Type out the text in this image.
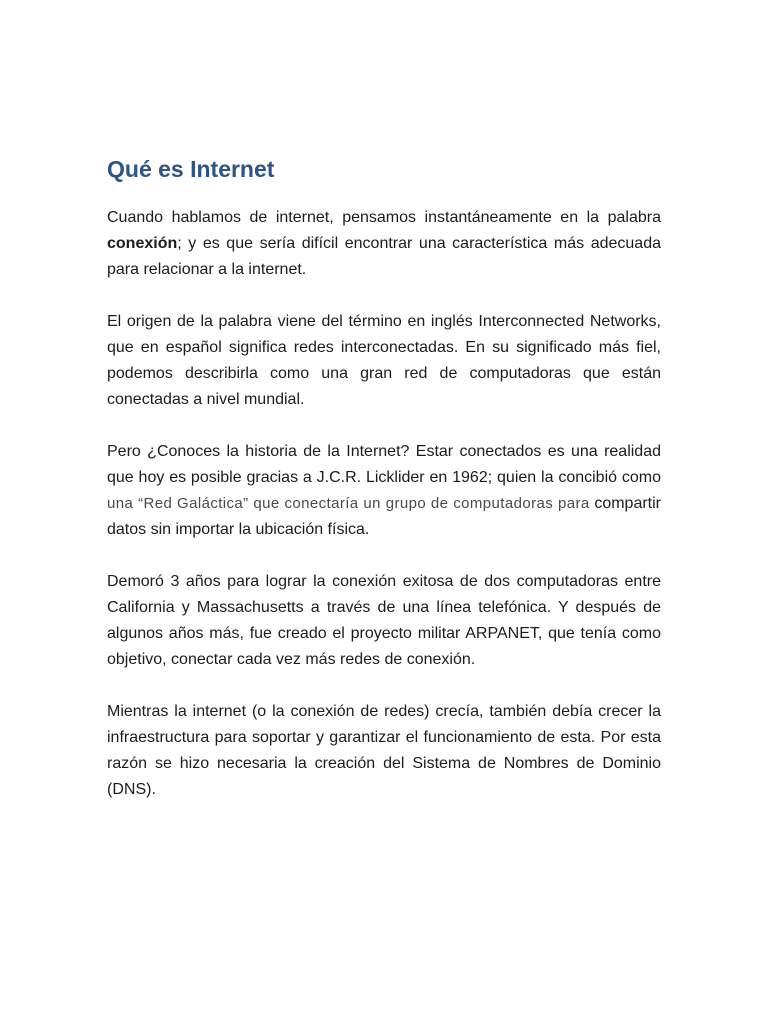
Qué es Internet

Cuando hablamos de internet, pensamos instantáneamente en la palabra conexión; y es que sería difícil encontrar una característica más adecuada para relacionar a la internet.

El origen de la palabra viene del término en inglés Interconnected Networks, que en español significa redes interconectadas. En su significado más fiel, podemos describirla como una gran red de computadoras que están conectadas a nivel mundial.

Pero ¿Conoces la historia de la Internet? Estar conectados es una realidad que hoy es posible gracias a J.C.R. Licklider en 1962; quien la concibió como una “Red Galáctica” que conectaría un grupo de computadoras para compartir datos sin importar la ubicación física.

Demoró 3 años para lograr la conexión exitosa de dos computadoras entre California y Massachusetts a través de una línea telefónica. Y después de algunos años más, fue creado el proyecto militar ARPANET, que tenía como objetivo, conectar cada vez más redes de conexión.

Mientras la internet (o la conexión de redes) crecía, también debía crecer la infraestructura para soportar y garantizar el funcionamiento de esta. Por esta razón se hizo necesaria la creación del Sistema de Nombres de Dominio (DNS).
